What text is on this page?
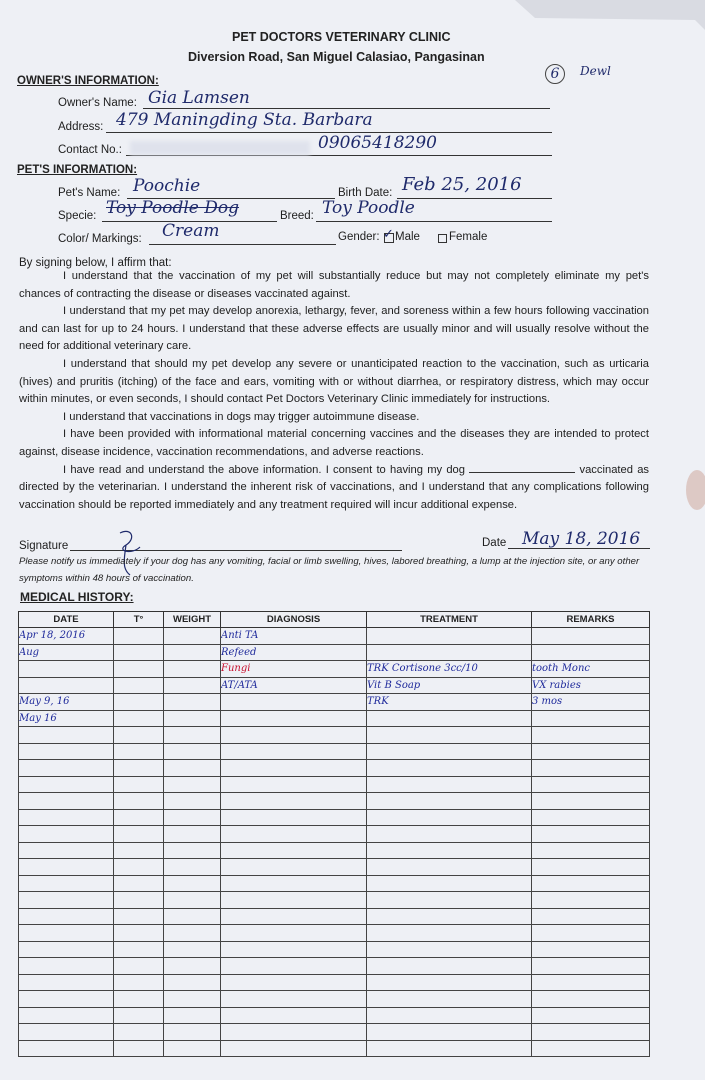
PET DOCTORS VETERINARY CLINIC
Diversion Road, San Miguel Calasiao, Pangasinan
6	Dewl
OWNER'S INFORMATION:
Owner's Name: Gia Lamsen
Address: 479 Maningding Sta. Barbara
Contact No.:	09065418290
PET'S INFORMATION:
Pet's Name: Poochie	Birth Date: Feb 25, 2016
Specie: Toy Poodle Dog	Breed: Toy Poodle
Color/ Markings: Cream	Gender: ✓ Male	Female
By signing below, I affirm that:

I understand that the vaccination of my pet will substantially reduce but may not completely eliminate my pet's chances of contracting the disease or diseases vaccinated against.

I understand that my pet may develop anorexia, lethargy, fever, and soreness within a few hours following vaccination and can last for up to 24 hours. I understand that these adverse effects are usually minor and will usually resolve without the need for additional veterinary care.

I understand that should my pet develop any severe or unanticipated reaction to the vaccination, such as urticaria (hives) and pruritis (itching) of the face and ears, vomiting with or without diarrhea, or respiratory distress, which may occur within minutes, or even seconds, I should contact Pet Doctors Veterinary Clinic immediately for instructions.

I understand that vaccinations in dogs may trigger autoimmune disease.

I have been provided with informational material concerning vaccines and the diseases they are intended to protect against, disease incidence, vaccination recommendations, and adverse reactions.

I have read and understand the above information. I consent to having my dog	vaccinated as directed by the veterinarian. I understand the inherent risk of vaccinations, and I understand that any complications following vaccination should be reported immediately and any treatment required will incur additional expense.

Signature	Date May 18, 2016
Please notify us immediately if your dog has any vomiting, facial or limb swelling, hives, labored breathing, a lump at the injection site, or any other symptoms within 48 hours of vaccination.
MEDICAL HISTORY:
DATE	T°	WEIGHT	DIAGNOSIS	TREATMENT	REMARKS
Apr 18, 2016			Anti TA		
Aug			Refeed		
			Fungi	TRK Cortisone 3cc/10	tooth Monc
			AT/ATA	Vit B Soap	VX rabies
May 9, 16				TRK	3 mos
May 16					
